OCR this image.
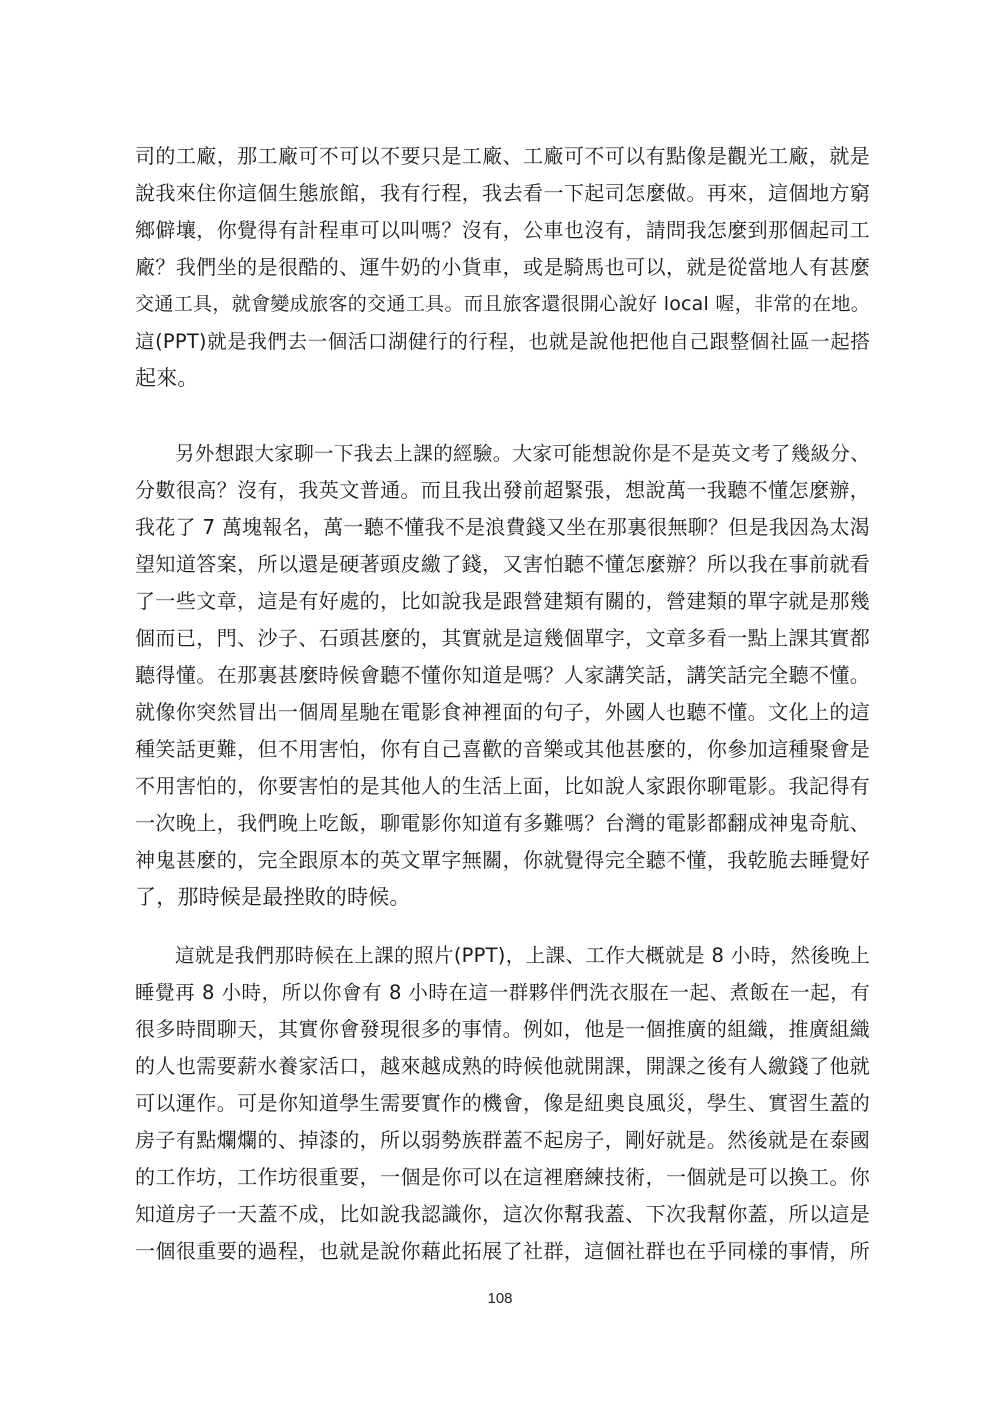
司的工廠，那工廠可不可以不要只是工廠、工廠可不可以有點像是觀光工廠，就是
說我來住你這個生態旅館，我有行程，我去看一下起司怎麼做。再來，這個地方窮
鄉僻壤，你覺得有計程車可以叫嗎？沒有，公車也沒有，請問我怎麼到那個起司工
廠？我們坐的是很酷的、運牛奶的小貨車，或是騎馬也可以，就是從當地人有甚麼
交通工具，就會變成旅客的交通工具。而且旅客還很開心說好 local 喔，非常的在地。
這(PPT)就是我們去一個活口湖健行的行程，也就是說他把他自己跟整個社區一起搭
起來。
另外想跟大家聊一下我去上課的經驗。大家可能想說你是不是英文考了幾級分、
分數很高？沒有，我英文普通。而且我出發前超緊張，想說萬一我聽不懂怎麼辦，
我花了 7 萬塊報名，萬一聽不懂我不是浪費錢又坐在那裏很無聊？但是我因為太渴
望知道答案，所以還是硬著頭皮繳了錢，又害怕聽不懂怎麼辦？所以我在事前就看
了一些文章，這是有好處的，比如說我是跟營建類有關的，營建類的單字就是那幾
個而已，門、沙子、石頭甚麼的，其實就是這幾個單字，文章多看一點上課其實都
聽得懂。在那裏甚麼時候會聽不懂你知道是嗎？人家講笑話，講笑話完全聽不懂。
就像你突然冒出一個周星馳在電影食神裡面的句子，外國人也聽不懂。文化上的這
種笑話更難，但不用害怕，你有自己喜歡的音樂或其他甚麼的，你參加這種聚會是
不用害怕的，你要害怕的是其他人的生活上面，比如說人家跟你聊電影。我記得有
一次晚上，我們晚上吃飯，聊電影你知道有多難嗎？台灣的電影都翻成神鬼奇航、
神鬼甚麼的，完全跟原本的英文單字無關，你就覺得完全聽不懂，我乾脆去睡覺好
了，那時候是最挫敗的時候。
這就是我們那時候在上課的照片(PPT)，上課、工作大概就是 8 小時，然後晚上
睡覺再 8 小時，所以你會有 8 小時在這一群夥伴們洗衣服在一起、煮飯在一起，有
很多時間聊天，其實你會發現很多的事情。例如，他是一個推廣的組織，推廣組織
的人也需要薪水養家活口，越來越成熟的時候他就開課，開課之後有人繳錢了他就
可以運作。可是你知道學生需要實作的機會，像是紐奧良風災，學生、實習生蓋的
房子有點爛爛的、掉漆的，所以弱勢族群蓋不起房子，剛好就是。然後就是在泰國
的工作坊，工作坊很重要，一個是你可以在這裡磨練技術，一個就是可以換工。你
知道房子一天蓋不成，比如說我認識你，這次你幫我蓋、下次我幫你蓋，所以這是
一個很重要的過程，也就是說你藉此拓展了社群，這個社群也在乎同樣的事情，所
108
